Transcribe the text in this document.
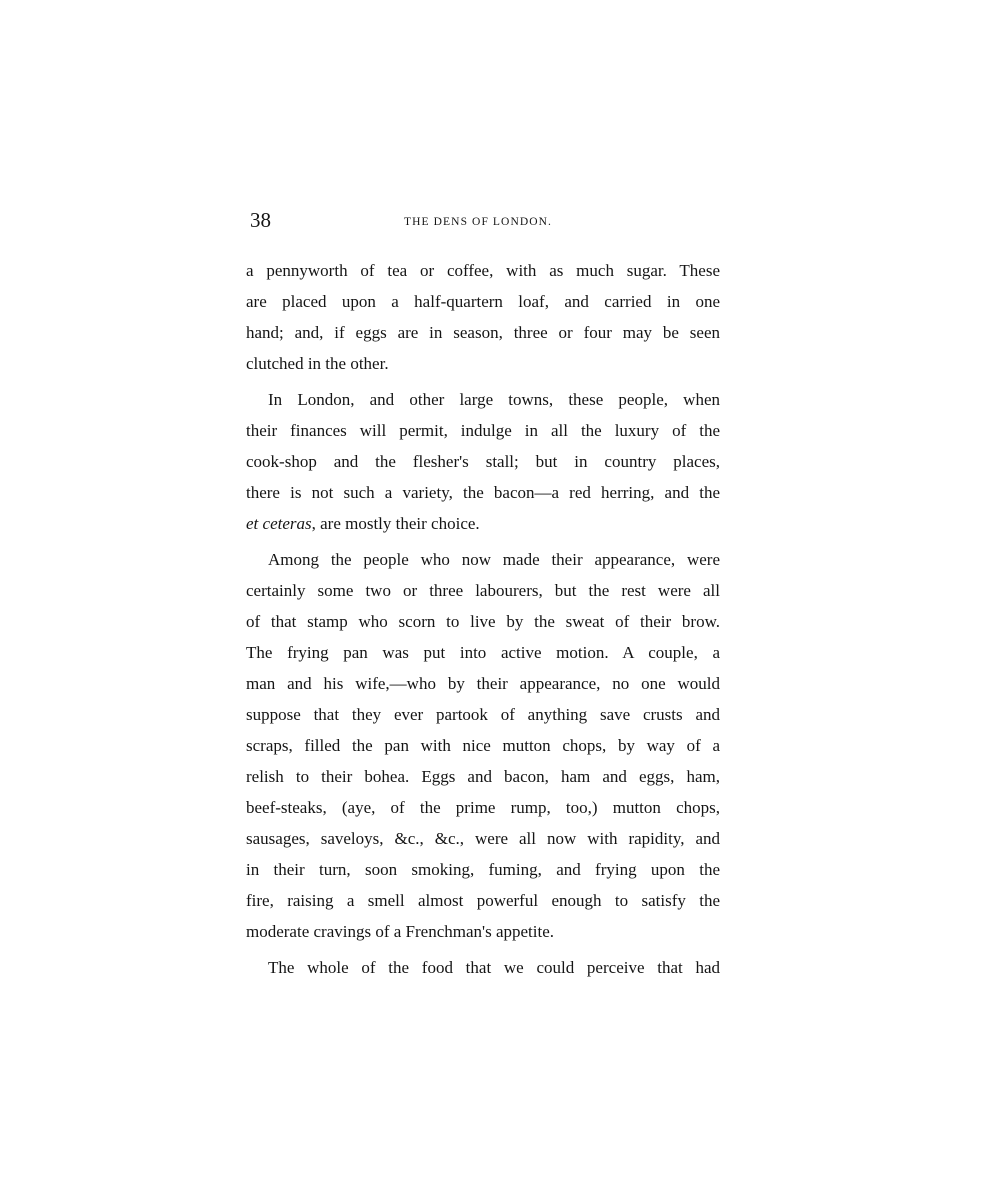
38	THE DENS OF LONDON.
a pennyworth of tea or coffee, with as much sugar. These
are placed upon a half-quartern loaf, and carried in one
hand; and, if eggs are in season, three or four may be seen
clutched in the other.
In London, and other large towns, these people, when
their finances will permit, indulge in all the luxury of the
cook-shop and the flesher's stall; but in country places,
there is not such a variety, the bacon—a red herring, and the
et ceteras, are mostly their choice.
Among the people who now made their appearance, were
certainly some two or three labourers, but the rest were all
of that stamp who scorn to live by the sweat of their brow.
The frying pan was put into active motion. A couple, a
man and his wife,—who by their appearance, no one would
suppose that they ever partook of anything save crusts and
scraps, filled the pan with nice mutton chops, by way of a
relish to their bohea. Eggs and bacon, ham and eggs, ham,
beef-steaks, (aye, of the prime rump, too,) mutton chops,
sausages, saveloys, &c., &c., were all now with rapidity, and
in their turn, soon smoking, fuming, and frying upon the
fire, raising a smell almost powerful enough to satisfy the
moderate cravings of a Frenchman's appetite.
The whole of the food that we could perceive that had
